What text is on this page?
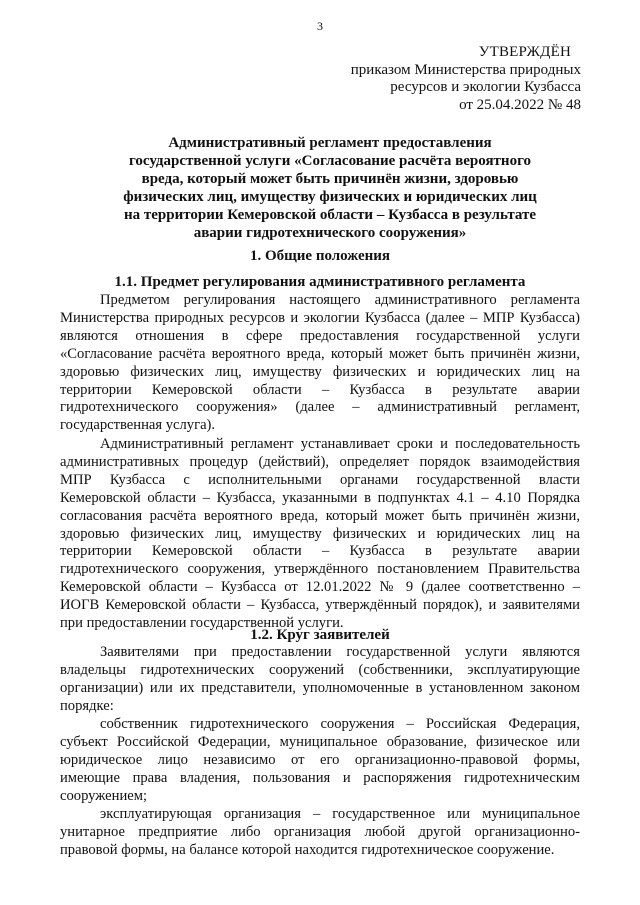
3
УТВЕРЖДЁН
приказом Министерства природных
ресурсов и экологии Кузбасса
от 25.04.2022 № 48
Административный регламент предоставления
государственной услуги «Согласование расчёта вероятного
вреда, который может быть причинён жизни, здоровью
физических лиц, имуществу физических и юридических лиц
на территории Кемеровской области – Кузбасса в результате
аварии гидротехнического сооружения»
1. Общие положения
1.1. Предмет регулирования административного регламента
Предметом регулирования настоящего административного регламента
Министерства природных ресурсов и экологии Кузбасса (далее – МПР Кузбасса)
являются отношения в сфере предоставления государственной услуги
«Согласование расчёта вероятного вреда, который может быть причинён жизни,
здоровью физических лиц, имуществу физических и юридических лиц на
территории Кемеровской области – Кузбасса в результате аварии
гидротехнического сооружения» (далее – административный регламент,
государственная услуга).
Административный регламент устанавливает сроки и последовательность
административных процедур (действий), определяет порядок взаимодействия
МПР Кузбасса с исполнительными органами государственной власти
Кемеровской области – Кузбасса, указанными в подпунктах 4.1 – 4.10 Порядка
согласования расчёта вероятного вреда, который может быть причинён жизни,
здоровью физических лиц, имуществу физических и юридических лиц на
территории Кемеровской области – Кузбасса в результате аварии
гидротехнического сооружения, утверждённого постановлением Правительства
Кемеровской области – Кузбасса от 12.01.2022 № 9 (далее соответственно –
ИОГВ Кемеровской области – Кузбасса, утверждённый порядок), и заявителями
при предоставлении государственной услуги.
1.2. Круг заявителей
Заявителями при предоставлении государственной услуги являются
владельцы гидротехнических сооружений (собственники, эксплуатирующие
организации) или их представители, уполномоченные в установленном законом
порядке:
собственник гидротехнического сооружения – Российская Федерация,
субъект Российской Федерации, муниципальное образование, физическое или
юридическое лицо независимо от его организационно-правовой формы,
имеющие права владения, пользования и распоряжения гидротехническим
сооружением;
эксплуатирующая организация – государственное или муниципальное
унитарное предприятие либо организация любой другой организационно-
правовой формы, на балансе которой находится гидротехническое сооружение.
